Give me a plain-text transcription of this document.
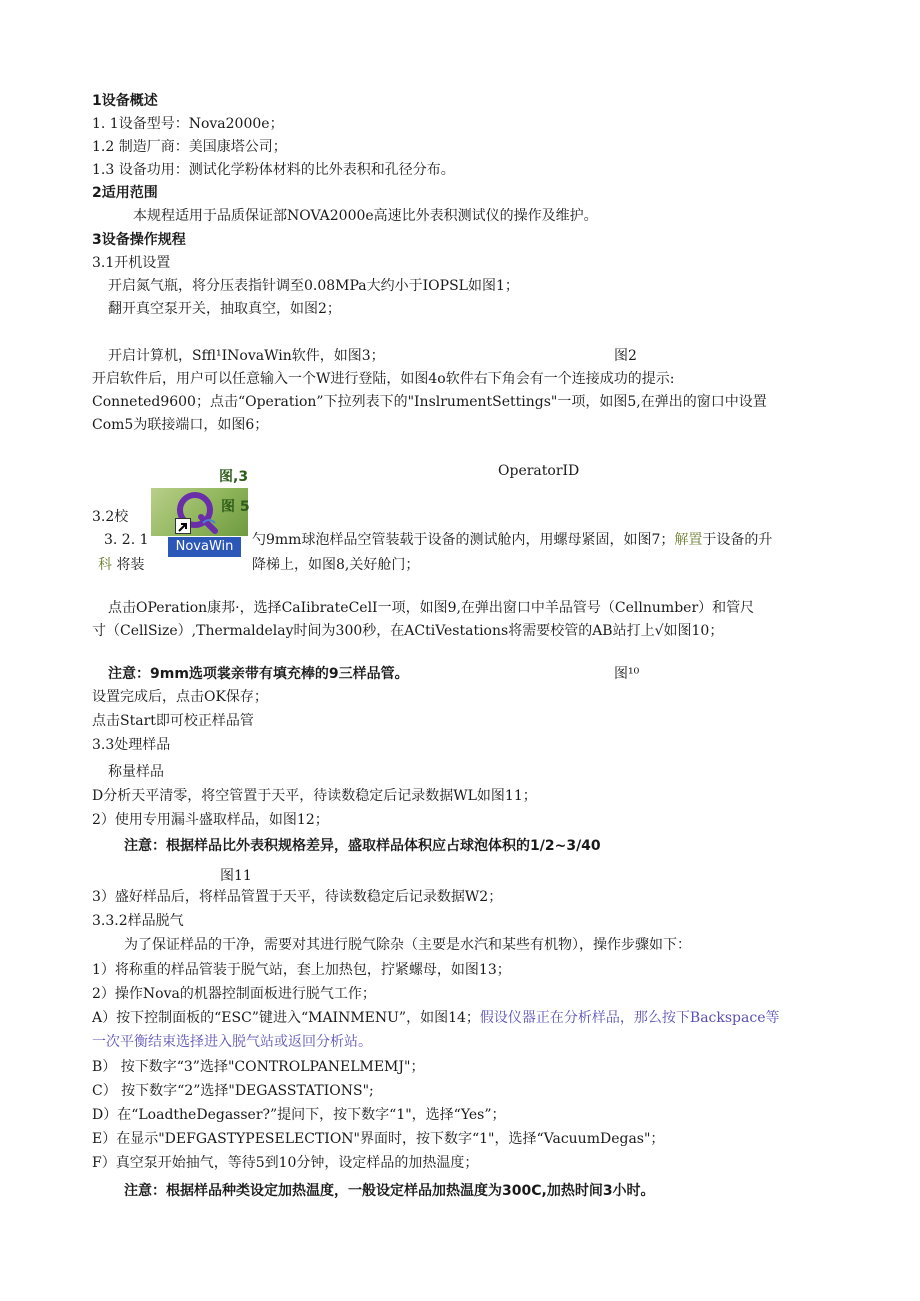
1设备概述
1. 1设备型号：Nova2000e；
1.2 制造厂商：美国康塔公司；
1.3 设备功用：测试化学粉体材料的比外表积和孔径分布。
2适用范围
本规程适用于品质保证部NOVA2000e高速比外表积测试仪的操作及维护。
3设备操作规程
3.1开机设置
开启氮气瓶，将分压表指针调至0.08MPa大约小于IOPSL如图1；
翻开真空泵开关，抽取真空，如图2；
开启计算机，Sffl¹INovaWin软件，如图3；	图2
开启软件后，用户可以任意输入一个W进行登陆，如图4o软件右下角会有一个连接成功的提示:
Conneted9600；点击“Operation”下拉列表下的"InslrumentSettings"一项，如图5,在弹出的窗口中设置
Com5为联接端口，如图6；
OperatorID
图,3
NovaWin
图 5
3.2校
3. 2. 1	勺9mm球泡样品空管装载于设备的测试舱内，用螺母紧固，如图7；解置于设备的升
科 将装	降梯上，如图8,关好舱门；
点击OPeration康邦·，选择CaIibrateCelI一项，如图9,在弹出窗口中羊品管号（Cellnumber）和管尺
寸（CellSize）,Thermaldelay时间为300秒，在ACtiVestations将需要校管的AB站打上√如图10；
注意：9mm选项裳亲带有填充棒的9三样品管。	图¹⁰
设置完成后，点击OK保存；
点击Start即可校正样品管
3.3处理样品
称量样品
D分析天平清零，将空管置于天平，待读数稳定后记录数据WL如图11；
2）使用专用漏斗盛取样品，如图12；
注意：根据样品比外表积规格差异，盛取样品体积应占球泡体积的1/2~3/40
图11
3）盛好样品后，将样品管置于天平，待读数稳定后记录数据W2；
3.3.2样品脱气
为了保证样品的干净，需要对其进行脱气除杂（主要是水汽和某些有机物），操作步骤如下：
1）将称重的样品管装于脱气站，套上加热包，拧紧螺母，如图13；
2）操作Nova的机器控制面板进行脱气工作；
A）按下控制面板的“ESC”键进入“MAINMENU”，如图14；假设仪器正在分析样品，那么按下Backspace等
一次平衡结束选择进入脱气站或返回分析站。
B） 按下数字“3”选择"CONTROLPANELMEMJ"；
C） 按下数字“2”选择"DEGASSTATIONS";
D）在“LoadtheDegasser?”提问下，按下数字“1"，选择“Yes”；
E）在显示"DEFGASTYPESELECTION"界面时，按下数字“1"，选择“VacuumDegas"；
F）真空泵开始抽气，等待5到10分钟，设定样品的加热温度；
注意：根据样品种类设定加热温度，一般设定样品加热温度为300C,加热时间3小时。
